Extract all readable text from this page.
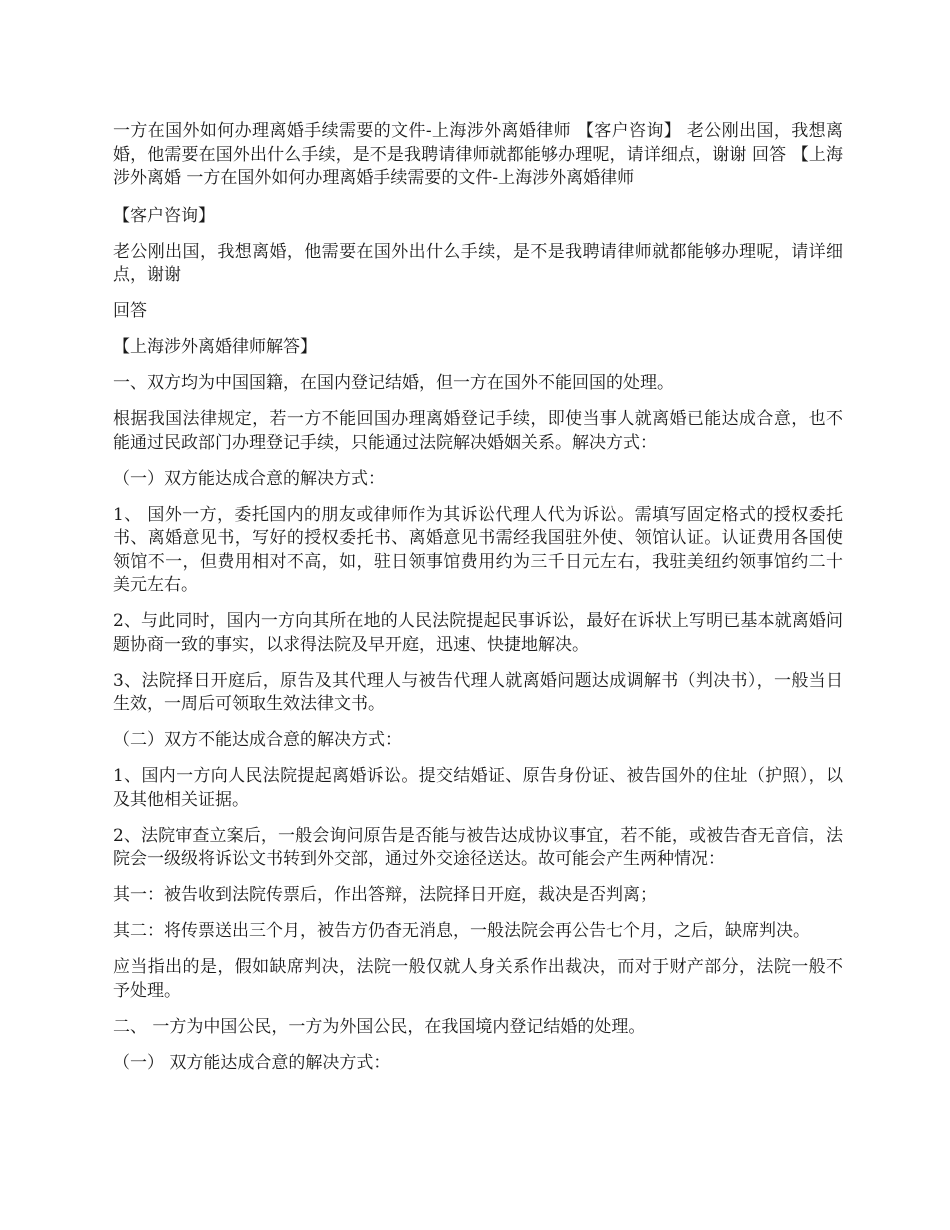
一方在国外如何办理离婚手续需要的文件-上海涉外离婚律师 【客户咨询】 老公刚出国，我想离婚，他需要在国外出什么手续，是不是我聘请律师就都能够办理呢，请详细点，谢谢 回答 【上海涉外离婚 一方在国外如何办理离婚手续需要的文件-上海涉外离婚律师

【客户咨询】

老公刚出国，我想离婚，他需要在国外出什么手续，是不是我聘请律师就都能够办理呢，请详细点，谢谢

回答

【上海涉外离婚律师解答】

一、双方均为中国国籍，在国内登记结婚，但一方在国外不能回国的处理。

根据我国法律规定，若一方不能回国办理离婚登记手续，即使当事人就离婚已能达成合意，也不能通过民政部门办理登记手续，只能通过法院解决婚姻关系。解决方式：

（一）双方能达成合意的解决方式：

1、 国外一方，委托国内的朋友或律师作为其诉讼代理人代为诉讼。需填写固定格式的授权委托书、离婚意见书，写好的授权委托书、离婚意见书需经我国驻外使、领馆认证。认证费用各国使领馆不一，但费用相对不高，如，驻日领事馆费用约为三千日元左右，我驻美纽约领事馆约二十美元左右。

2、与此同时，国内一方向其所在地的人民法院提起民事诉讼，最好在诉状上写明已基本就离婚问题协商一致的事实，以求得法院及早开庭，迅速、快捷地解决。

3、法院择日开庭后，原告及其代理人与被告代理人就离婚问题达成调解书（判决书），一般当日生效，一周后可领取生效法律文书。

（二）双方不能达成合意的解决方式：

1、国内一方向人民法院提起离婚诉讼。提交结婚证、原告身份证、被告国外的住址（护照），以及其他相关证据。

2、法院审查立案后，一般会询问原告是否能与被告达成协议事宜，若不能，或被告杳无音信，法院会一级级将诉讼文书转到外交部，通过外交途径送达。故可能会产生两种情况：

其一：被告收到法院传票后，作出答辩，法院择日开庭，裁决是否判离；

其二：将传票送出三个月，被告方仍杳无消息，一般法院会再公告七个月，之后，缺席判决。

应当指出的是，假如缺席判决，法院一般仅就人身关系作出裁决，而对于财产部分，法院一般不予处理。

二、 一方为中国公民，一方为外国公民，在我国境内登记结婚的处理。

（一） 双方能达成合意的解决方式：
